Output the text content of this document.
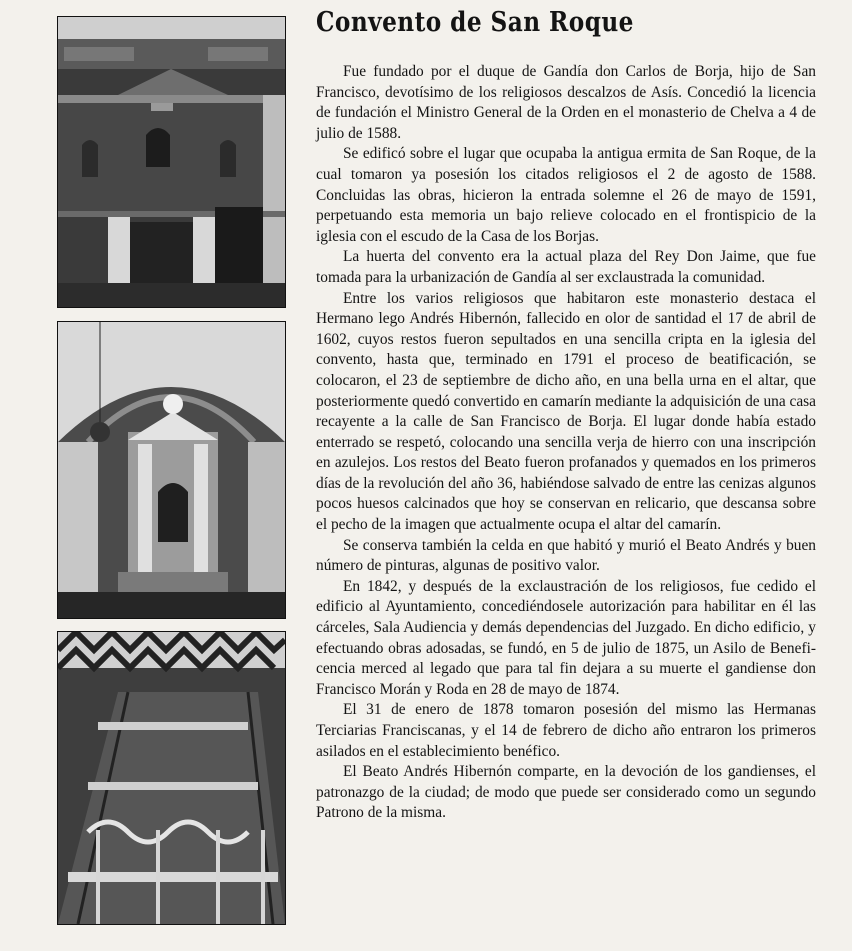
Convento de San Roque

Fue fundado por el duque de Gandía don Carlos de Borja, hijo de San Francisco, devotísimo de los religiosos descalzos de Asís. Concedió la licencia de fundación el Ministro General de la Orden en el monasterio de Chelva a 4 de julio de 1588.

Se edificó sobre el lugar que ocupaba la antigua ermita de San Roque, de la cual tomaron ya posesión los citados religiosos el 2 de agosto de 1588. Concluidas las obras, hicieron la entrada solemne el 26 de mayo de 1591, perpetuando esta memoria un bajo relieve colocado en el frontispicio de la iglesia con el escudo de la Casa de los Borjas.

La huerta del convento era la actual plaza del Rey Don Jaime, que fue tomada para la urbanización de Gandía al ser exclaustrada la comunidad.

Entre los varios religiosos que habitaron este monasterio destaca el Hermano lego Andrés Hibernón, fallecido en olor de santidad el 17 de abril de 1602, cuyos restos fueron sepultados en una sencilla cripta en la iglesia del convento, hasta que, terminado en 1791 el proceso de beatificación, se colocaron, el 23 de septiembre de dicho año, en una bella urna en el altar, que posteriormente quedó convertido en camarín mediante la adquisición de una casa recayente a la calle de San Francisco de Borja. El lugar donde había estado enterrado se respetó, colocando una sencilla verja de hierro con una inscripción en azulejos. Los restos del Beato fueron profanados y quemados en los primeros días de la revolución del año 36, habiéndose salvado de entre las cenizas algunos pocos huesos calcinados que hoy se conservan en relicario, que descansa sobre el pecho de la imagen que actualmente ocupa el altar del camarín.

Se conserva también la celda en que habitó y murió el Beato Andrés y buen número de pinturas, algunas de positivo valor.

En 1842, y después de la exclaustración de los religiosos, fue cedido el edificio al Ayuntamiento, concediéndosele autorización para habilitar en él las cárceles, Sala Audiencia y demás dependencias del Juzgado. En dicho edificio, y efectuando obras adosadas, se fundó, en 5 de julio de 1875, un Asilo de Beneficencia merced al legado que para tal fin dejara a su muerte el gandiense don Francisco Morán y Roda en 28 de mayo de 1874.

El 31 de enero de 1878 tomaron posesión del mismo las Hermanas Terciarias Franciscanas, y el 14 de febrero de dicho año entraron los primeros asilados en el establecimiento benéfico.

El Beato Andrés Hibernón comparte, en la devoción de los gandienses, el patronazgo de la ciudad; de modo que puede ser considerado como un segundo Patrono de la misma.
